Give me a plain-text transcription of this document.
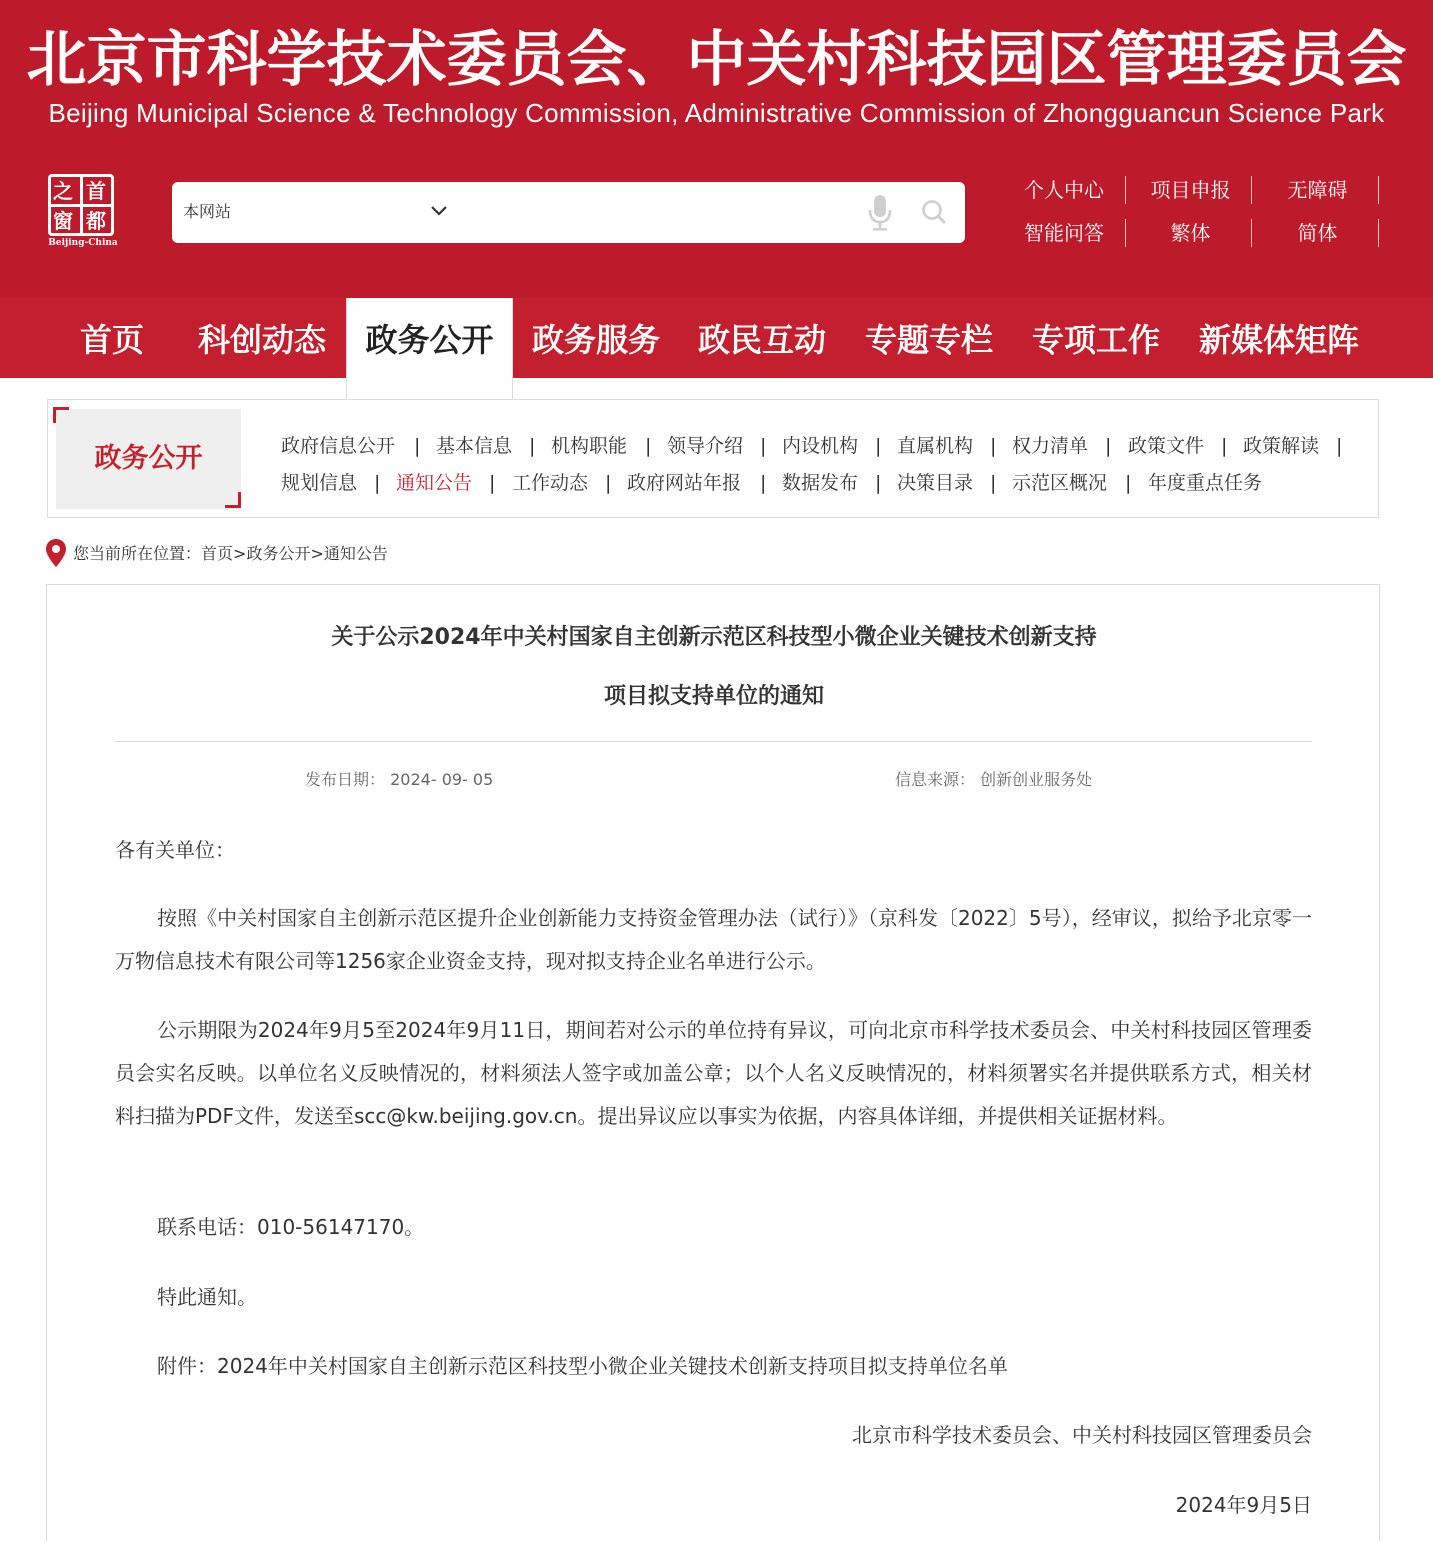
北京市科学技术委员会、中关村科技园区管理委员会
Beijing Municipal Science & Technology Commission, Administrative Commission of Zhongguancun Science Park
之 首
窗 都
Beijing-China
本网站
个人中心	项目申报	无障碍
智能问答	繁体	简体
首页	科创动态	政务公开	政务服务	政民互动	专题专栏	专项工作	新媒体矩阵
政务公开	政府信息公开 | 基本信息 | 机构职能 | 领导介绍 | 内设机构 | 直属机构 | 权力清单 | 政策文件 | 政策解读 |
规划信息 | 通知公告 | 工作动态 | 政府网站年报 | 数据发布 | 决策目录 | 示范区概况 | 年度重点任务
您当前所在位置：首页>政务公开>通知公告
关于公示2024年中关村国家自主创新示范区科技型小微企业关键技术创新支持
项目拟支持单位的通知
发布日期： 2024- 09- 05	信息来源： 创新创业服务处

各有关单位：

按照《中关村国家自主创新示范区提升企业创新能力支持资金管理办法（试行）》（京科发〔2022〕5号），经审议，拟给予北京零一万物信息技术有限公司等1256家企业资金支持，现对拟支持企业名单进行公示。

公示期限为2024年9月5至2024年9月11日，期间若对公示的单位持有异议，可向北京市科学技术委员会、中关村科技园区管理委员会实名反映。以单位名义反映情况的，材料须法人签字或加盖公章；以个人名义反映情况的，材料须署实名并提供联系方式，相关材料扫描为PDF文件，发送至scc@kw.beijing.gov.cn。提出异议应以事实为依据，内容具体详细，并提供相关证据材料。

联系电话：010-56147170。

特此通知。

附件：2024年中关村国家自主创新示范区科技型小微企业关键技术创新支持项目拟支持单位名单

北京市科学技术委员会、中关村科技园区管理委员会

2024年9月5日
